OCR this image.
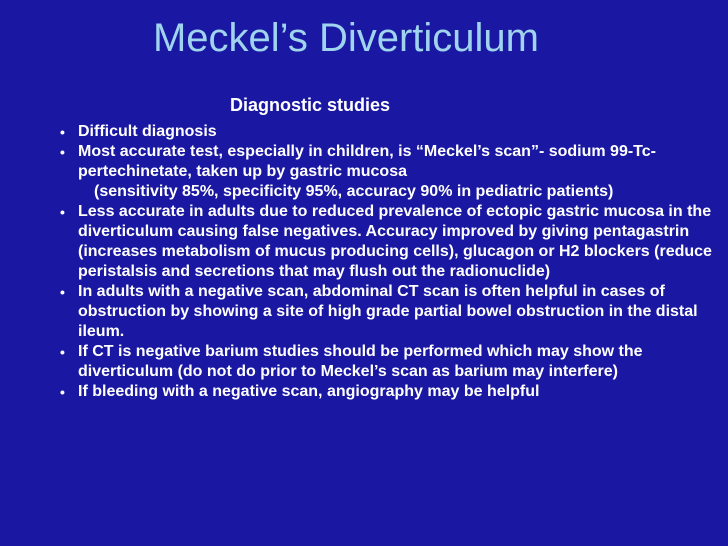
Meckel’s Diverticulum
Diagnostic studies
• Difficult diagnosis
• Most accurate test, especially in children, is “Meckel’s scan”- sodium 99-Tc-pertechinetate, taken up by gastric mucosa
(sensitivity 85%, specificity 95%, accuracy 90% in pediatric patients)
• Less accurate in adults due to reduced prevalence of ectopic gastric mucosa in the diverticulum causing false negatives. Accuracy improved by giving pentagastrin (increases metabolism of mucus producing cells), glucagon or H2 blockers (reduce peristalsis and secretions that may flush out the radionuclide)
• In adults with a negative scan, abdominal CT scan is often helpful in cases of obstruction by showing a site of high grade partial bowel obstruction in the distal ileum.
• If CT is negative barium studies should be performed which may show the diverticulum (do not do prior to Meckel’s scan as barium may interfere)
• If bleeding with a negative scan, angiography may be helpful
